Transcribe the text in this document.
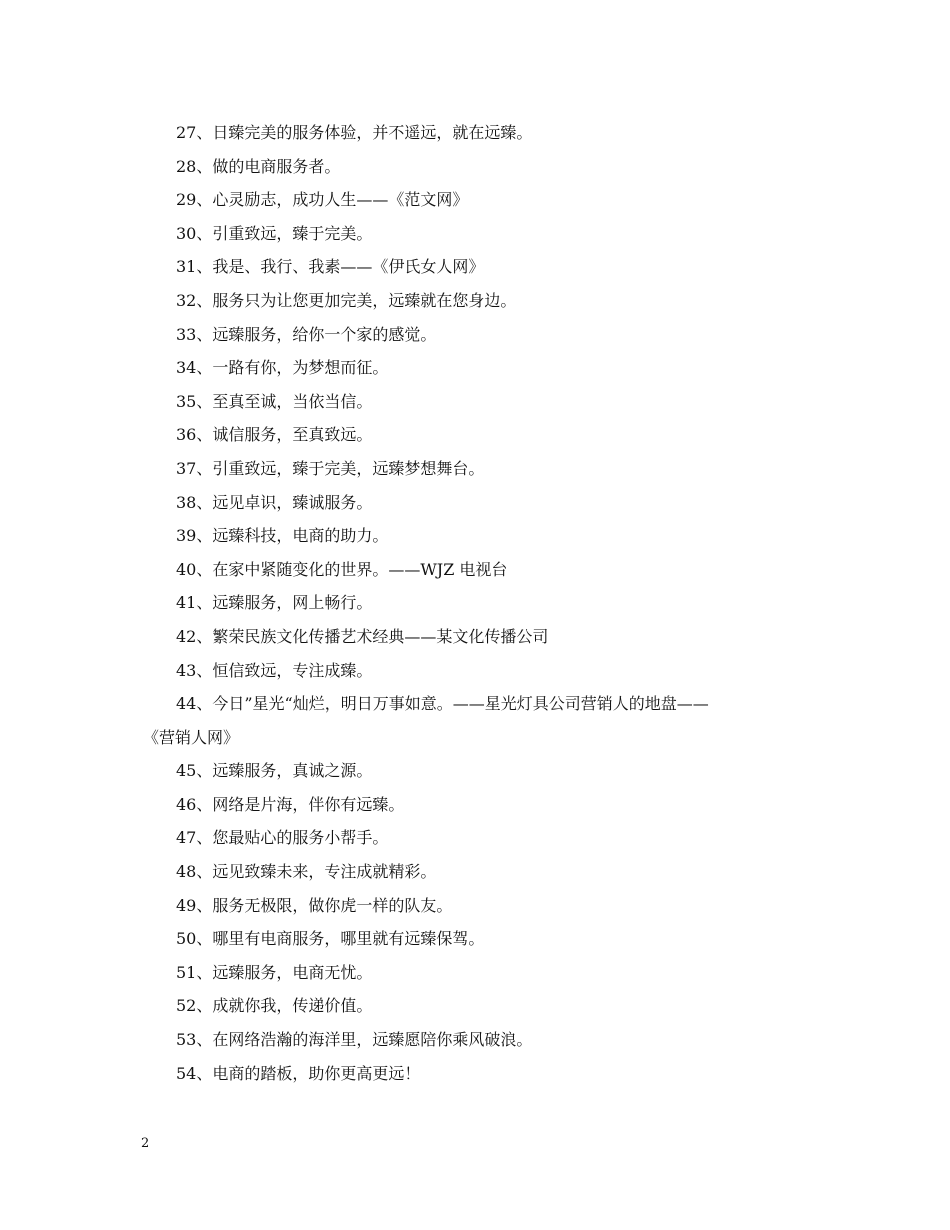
27、日臻完美的服务体验，并不遥远，就在远臻。
28、做的电商服务者。
29、心灵励志，成功人生——《范文网》
30、引重致远，臻于完美。
31、我是、我行、我素——《伊氏女人网》
32、服务只为让您更加完美，远臻就在您身边。
33、远臻服务，给你一个家的感觉。
34、一路有你，为梦想而征。
35、至真至诚，当依当信。
36、诚信服务，至真致远。
37、引重致远，臻于完美，远臻梦想舞台。
38、远见卓识，臻诚服务。
39、远臻科技，电商的助力。
40、在家中紧随变化的世界。——WJZ 电视台
41、远臻服务，网上畅行。
42、繁荣民族文化传播艺术经典——某文化传播公司
43、恒信致远，专注成臻。
44、今日”星光“灿烂，明日万事如意。——星光灯具公司营销人的地盘——
《营销人网》
45、远臻服务，真诚之源。
46、网络是片海，伴你有远臻。
47、您最贴心的服务小帮手。
48、远见致臻未来，专注成就精彩。
49、服务无极限，做你虎一样的队友。
50、哪里有电商服务，哪里就有远臻保驾。
51、远臻服务，电商无忧。
52、成就你我，传递价值。
53、在网络浩瀚的海洋里，远臻愿陪你乘风破浪。
54、电商的踏板，助你更高更远！
2
